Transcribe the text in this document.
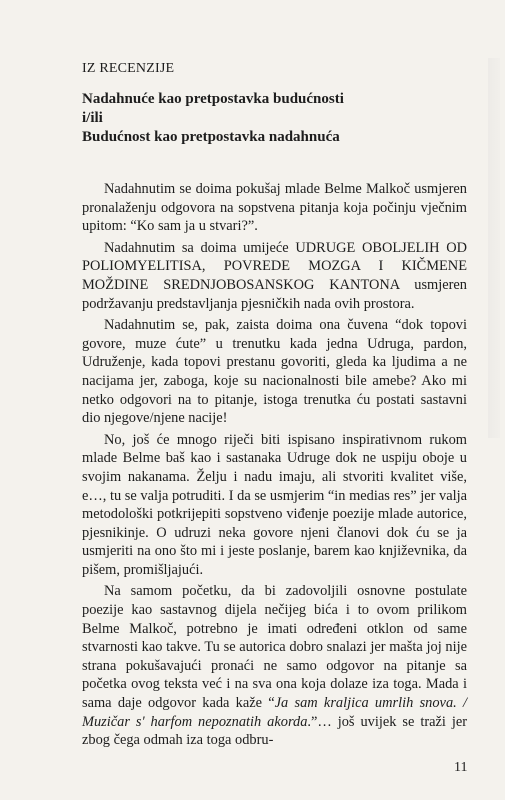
IZ RECENZIJE
Nadahnuće kao pretpostavka budućnosti
i/ili
Budućnost kao pretpostavka nadahnuća

Nadahnutim se doima pokušaj mlade Belme Malkoč usmjeren pronalaženju odgovora na sopstvena pitanja koja počinju vječnim upitom: “Ko sam ja u stvari?”.

Nadahnutim sa doima umijeće UDRUGE OBOLJELIH OD POLIOMYELITISA, POVREDE MOZGA I KIČMENE MOŽDINE SREDNJOBOSANSKOG KANTONA usmjeren podržavanju predstavljanja pjesničkih nada ovih prostora.

Nadahnutim se, pak, zaista doima ona čuvena “dok topovi govore, muze ćute” u trenutku kada jedna Udruga, pardon, Udruženje, kada topovi prestanu govoriti, gleda ka ljudima a ne nacijama jer, zaboga, koje su nacionalnosti bile amebe? Ako mi netko odgovori na to pitanje, istoga trenutka ću postati sastavni dio njegove/njene nacije!

No, još će mnogo riječi biti ispisano inspirativnom rukom mlade Belme baš kao i sastanaka Udruge dok ne uspiju oboje u svojim nakanama. Želju i nadu imaju, ali stvoriti kvalitet više, e…, tu se valja potruditi. I da se usmjerim “in medias res” jer valja metodološki potkrijepiti sopstveno viđenje poezije mlade autorice, pjesnikinje. O udruzi neka govore njeni članovi dok ću se ja usmjeriti na ono što mi i jeste poslanje, barem kao književnika, da pišem, promišljajući.

Na samom početku, da bi zadovoljili osnovne postulate poezije kao sastavnog dijela nečijeg bića i to ovom prilikom Belme Malkoč, potrebno je imati određeni otklon od same stvarnosti kao takve. Tu se autorica dobro snalazi jer mašta joj nije strana pokušavajući pronaći ne samo odgovor na pitanje sa početka ovog teksta već i na sva ona koja dolaze iza toga. Mada i sama daje odgovor kada kaže “Ja sam kraljica umrlih snova. / Muzičar s' harfom nepoznatih akorda.”… još uvijek se traži jer zbog čega odmah iza toga odbru-

11
